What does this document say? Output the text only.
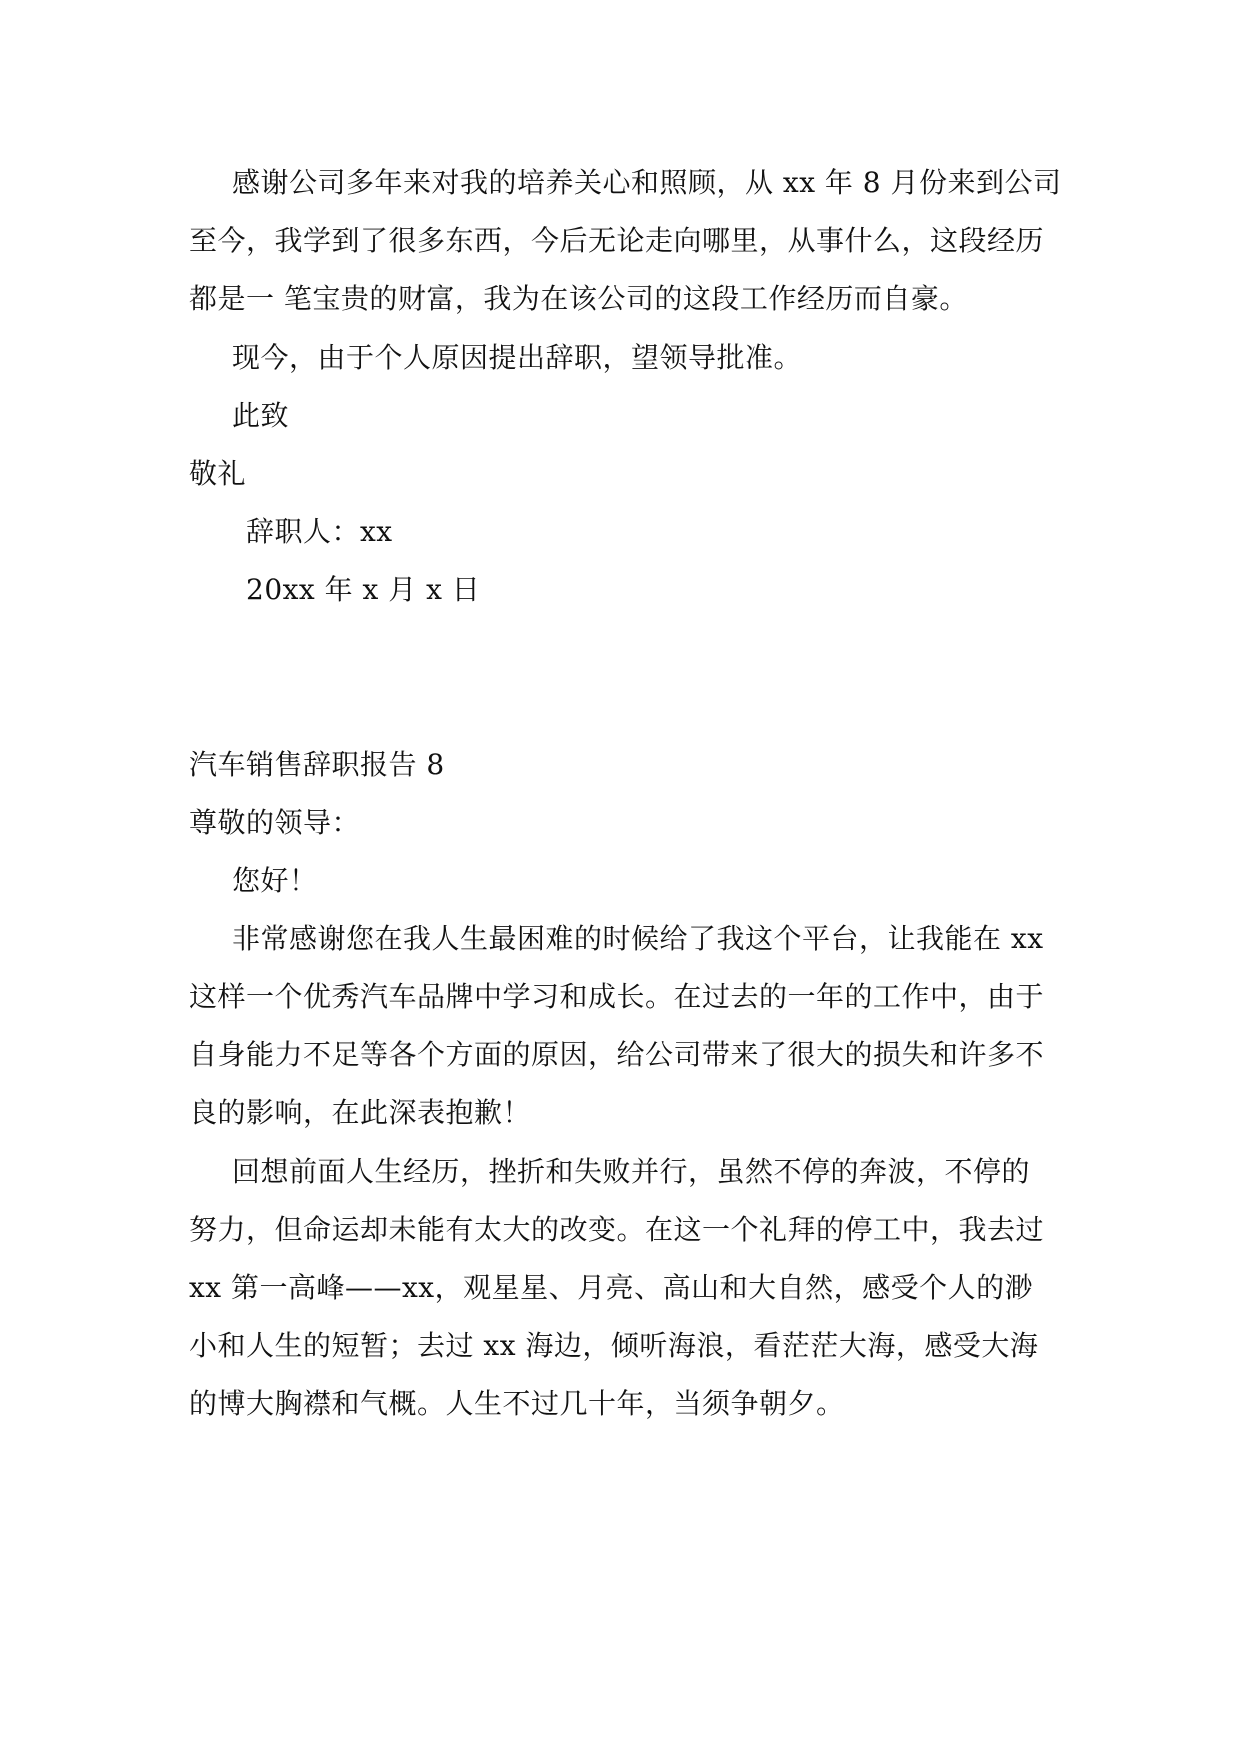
感谢公司多年来对我的培养关心和照顾，从 xx 年 8 月份来到公司
至今，我学到了很多东西，今后无论走向哪里，从事什么，这段经历
都是一 笔宝贵的财富，我为在该公司的这段工作经历而自豪。
现今，由于个人原因提出辞职，望领导批准。
此致
敬礼
辞职人：xx
20xx 年 x 月 x 日
汽车销售辞职报告 8
尊敬的领导：
您好！
非常感谢您在我人生最困难的时候给了我这个平台，让我能在 xx
这样一个优秀汽车品牌中学习和成长。在过去的一年的工作中，由于
自身能力不足等各个方面的原因，给公司带来了很大的损失和许多不
良的影响，在此深表抱歉！
回想前面人生经历，挫折和失败并行，虽然不停的奔波，不停的
努力，但命运却未能有太大的改变。在这一个礼拜的停工中，我去过
xx 第一高峰——xx，观星星、月亮、高山和大自然，感受个人的渺
小和人生的短暂；去过 xx 海边，倾听海浪，看茫茫大海，感受大海
的博大胸襟和气概。人生不过几十年，当须争朝夕。
